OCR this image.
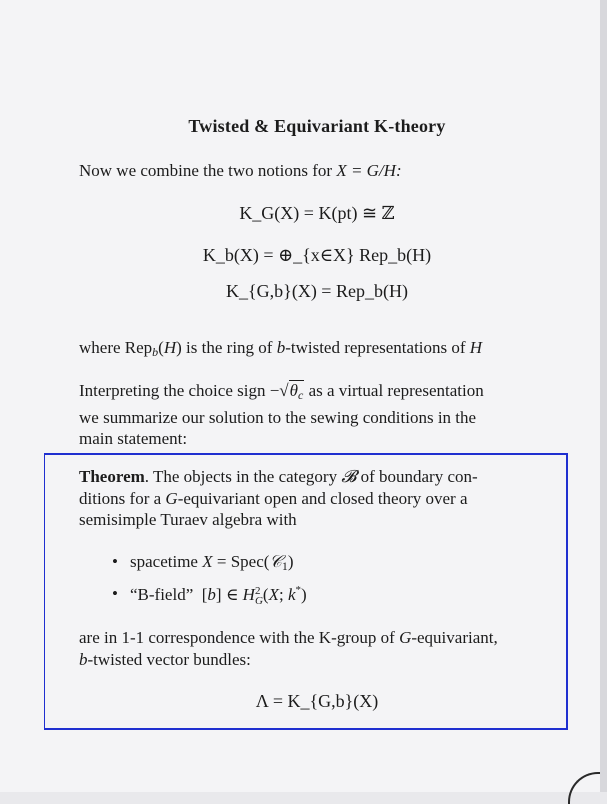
Twisted & Equivariant K-theory
Now we combine the two notions for X = G/H:
K_G(X) = K(pt) ≅ ℤ
K_b(X) = ⊕_{x∈X} Rep_b(H)
K_{G,b}(X) = Rep_b(H)
where Rep$_b$(H) is the ring of b-twisted representations of H
Interpreting the choice sign $-√\theta_c$ as a virtual representation
we summarize our solution to the sewing conditions in the
main statement:
Theorem. The objects in the category 𝓑 of boundary con-
ditions for a G-equivariant open and closed theory over a
semisimple Turaev algebra with
• spacetime X = Spec(𝒞$_1$)
• “B-field”  [b] ∈ H2
G(X; k*)
are in 1-1 correspondence with the K-group of G-equivariant,
b-twisted vector bundles:
Λ = K_{G,b}(X)
